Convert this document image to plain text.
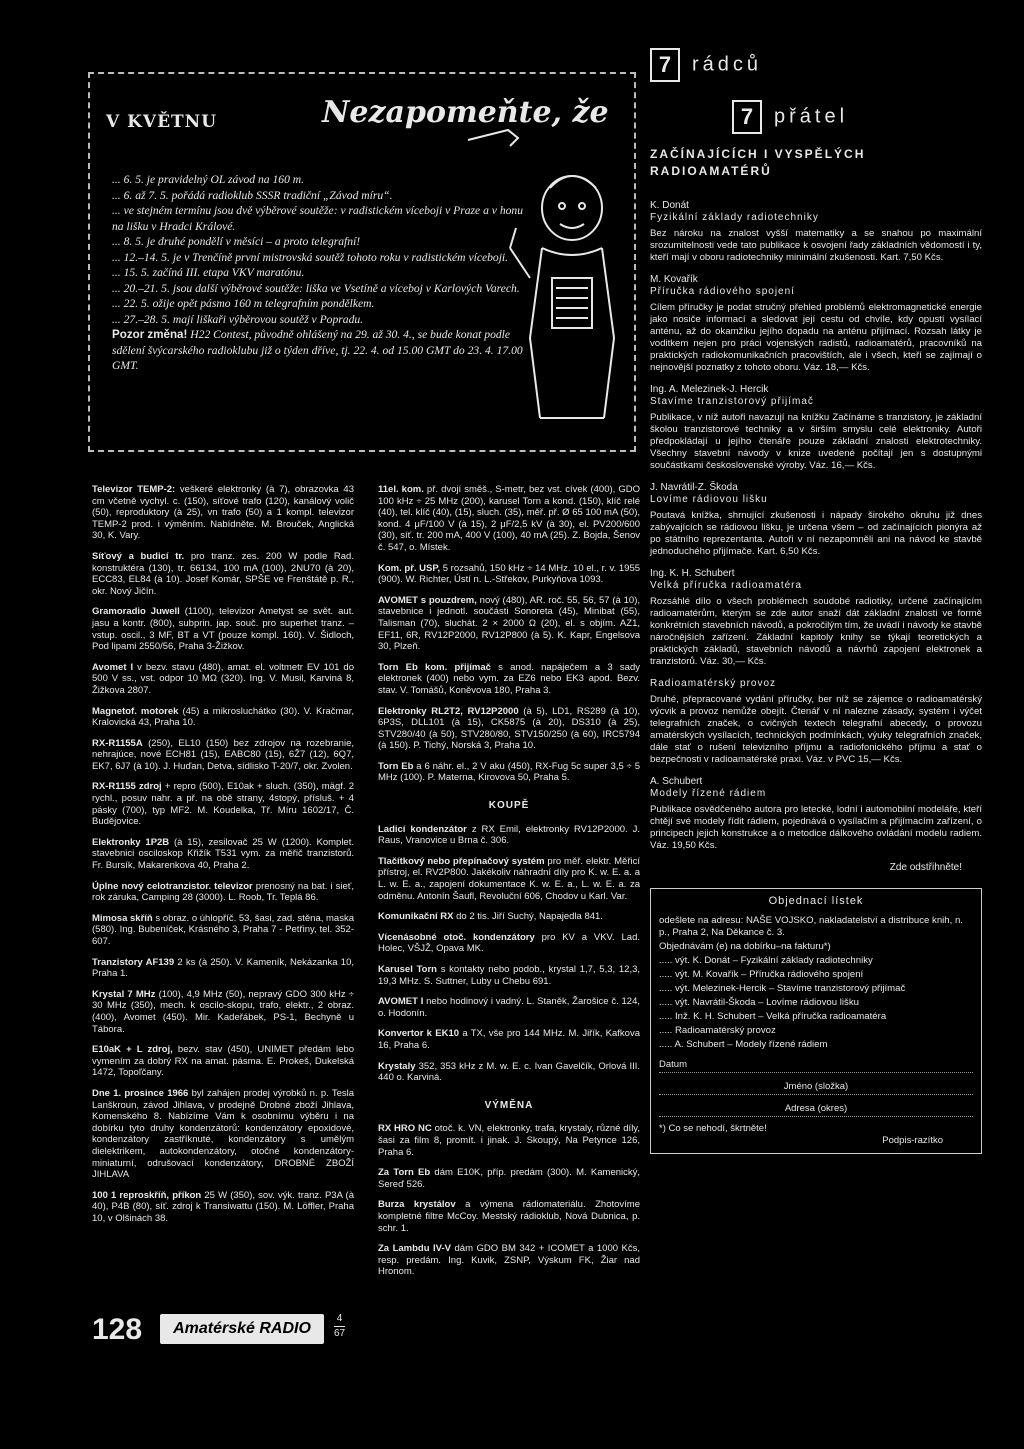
V KVĚTNU	Nezapomeňte, že

... 6. 5. je pravidelný OL závod na 160 m.

... 6. až 7. 5. pořádá radioklub SSSR tradiční „Závod míru“.

... ve stejném termínu jsou dvě výběrové soutěže: v radistickém víceboji v Praze a v honu na lišku v Hradci Králové.

... 8. 5. je druhé pondělí v měsíci – a proto telegrafní!

... 12.–14. 5. je v Trenčíně první mistrovská soutěž tohoto roku v radistickém víceboji.

... 15. 5. začíná III. etapa VKV maratónu.

... 20.–21. 5. jsou další výběrové soutěže: liška ve Vsetíně a víceboj v Karlových Varech.

... 22. 5. ožije opět pásmo 160 m telegrafním pondělkem.

... 27.–28. 5. mají liškaři výběrovou soutěž v Popradu.

Pozor změna! H22 Contest, původně ohlášený na 29. až 30. 4., se bude konat podle sdělení švýcarského radioklubu již o týden dříve, tj. 22. 4. od 15.00 GMT do 23. 4. 17.00 GMT.

7 rádců
7 přátel
ZAČÍNAJÍCÍCH I VYSPĚLÝCH RADIOAMATÉRŮ
K. Donát
Fyzikální základy radiotechniky
Bez nároku na znalost vyšší matematiky a se snahou po maximální srozumitelnosti vede tato publikace k osvojení řady základních vědomostí i ty, kteří mají v oboru radiotechniky minimální zkušenosti. Kart. 7,50 Kčs.
M. Kovařík
Příručka rádiového spojení
Cílem příručky je podat stručný přehled problémů elektromagnetické energie jako nosiče informací a sledovat její cestu od chvíle, kdy opustí vysílací anténu, až do okamžiku jejího dopadu na anténu přijímací. Rozsah látky je voditkem nejen pro práci vojenských radistů, radioamatérů, pracovníků na praktických radiokomunikačních pracovištích, ale i všech, kteří se zajímají o nejnovější poznatky z tohoto oboru. Váz. 18,— Kčs.
Ing. A. Melezinek-J. Hercik
Stavíme tranzistorový přijímač
Publikace, v níž autoři navazují na knížku Začínáme s tranzistory, je základní školou tranzistorové techniky a v širším smyslu celé elektroniky. Autoři předpokládají u jejího čtenáře pouze základní znalosti elektrotechniky. Všechny stavební návody v knize uvedené počítají jen s dostupnými součástkami československé výroby. Váz. 16,— Kčs.
J. Navrátil-Z. Škoda
Lovíme rádiovou lišku
Poutavá knížka, shrnující zkušenosti i nápady širokého okruhu již dnes zabývajících se rádiovou lišku, je určena všem – od začínajících pionýra až po státního reprezentanta. Autoři v ní nezapomněli ani na návod ke stavbě jednoduchého přijímače. Kart. 6,50 Kčs.
Ing. K. H. Schubert
Velká příručka radioamatéra
Rozsáhlé dílo o všech problémech soudobé radiotiky, určené začínajícím radioamatérům, kterým se zde autor snaží dát základní znalosti ve formě konkrétních stavebních návodů, a pokročilým tím, že uvádí i návody ke stavbě náročnějších zařízení. Základní kapitoly knihy se týkají teoretických a praktických základů, stavebních návodů a návrhů zapojení elektronek a tranzistorů. Váz. 30,— Kčs.
Radioamatérský provoz
Druhé, přepracované vydání příručky, ber níž se zájemce o radioamatérský výcvik a provoz nemůže obejít. Čtenář v ní nalezne zásady, systém i výčet telegrafních značek, o cvičných textech telegrafní abecedy, o provozu amatérských vysílacích, technických podmínkách, výuky telegrafních značek, dále stať o rušení televizního příjmu a radiofonického příjmu a stať o bezpečnosti v radioamatérské praxi. Váz. v PVC 15,— Kčs.
A. Schubert
Modely řízené rádiem
Publikace osvědčeného autora pro letecké, lodní i automobilní modeláře, kteří chtějí své modely řídit rádiem, pojednává o vysílačím a přijímacím zařízení, o principech jejich konstrukce a o metodice dálkového ovládání modelu radiem. Váz. 19,50 Kčs.
Zde odstřihněte!
Objednací lístek
odešlete na adresu: NAŠE VOJSKO, nakladatelství a distribuce knih, n. p., Praha 2, Na Děkance č. 3.
Objednávám (e) na dobírku–na fakturu*)
..... výt. K. Donát – Fyzikální základy radiotechniky
..... výt. M. Kovařík – Příručka rádiového spojení
..... výt. Melezinek-Hercik – Stavíme tranzistorový přijímač
..... výt. Navrátil-Škoda – Lovíme rádiovou lišku
..... Inž. K. H. Schubert – Velká příručka radioamatéra
..... Radioamatérský provoz
..... A. Schubert – Modely řízené rádiem
Datum
Jméno (složka)
Adresa (okres)
*) Co se nehodí, škrtněte!
Podpis-razítko
Televizor TEMP-2: veškeré elektronky (à 7), obrazovka 43 cm včetně vychyl. c. (150), síťové trafo (120), kanálový volič (50), reproduktory (à 25), vn trafo (50) a 1 kompl. televizor TEMP-2 prod. i výměním. Nabídněte. M. Brouček, Anglická 30, K. Vary.
Síťový a budicí tr. pro tranz. zes. 200 W podle Rad. konstruktéra (130), tr. 66134, 100 mA (100), 2NU70 (à 20), ECC83, EL84 (à 10). Josef Komár, SPŠE ve Frenštátě p. R., okr. Nový Jičín.
Gramoradio Juwell (1100), televizor Ametyst se svět. aut. jasu a kontr. (800), subprin. jap. souč. pro superhet tranz. – vstup. oscil., 3 MF, BT a VT (pouze kompl. 160). V. Šidloch, Pod lipami 2550/56, Praha 3-Žižkov.
Avomet I v bezv. stavu (480), amat. el. voltmetr EV 101 do 500 V ss., vst. odpor 10 MΩ (320). Ing. V. Musil, Karviná 8, Žižkova 2807.
Magnetof. motorek (45) a mikrosluchátko (30). V. Kračmar, Kralovická 43, Praha 10.
RX-R1155A (250), EL10 (150) bez zdrojov na rozebranie, nehrajúce, nové ECH81 (15), EABC80 (15), 6Ž7 (12), 6Q7, EK7, 6J7 (à 10). J. Huďan, Detva, sídlisko T-20/7, okr. Zvolen.
RX-R1155 zdroj + repro (500), E10ak + sluch. (350), mägf. 2 rychl., posuv nahr. a př. na obě strany, 4stopý, přísluš. + 4 pásky (700), typ MF2. M. Koudelka, Tř. Míru 1602/17, Č. Budějovice.
Elektronky 1P2B (à 15), zesilovač 25 W (1200). Komplet. stavebnici osciloskop Křižík T531 vym. za měřič tranzistorů. Fr. Bursík, Makarenkova 40, Praha 2.
Úplne nový celotranzistor. televizor prenosný na bat. i sieť, rok záruka, Camping 28 (3000). L. Roob, Tr. Teplá 86.
Mimosa skříň s obraz. o úhlopříč. 53, šasi, zad. stěna, maska (580). Ing. Bubeníček, Krásného 3, Praha 7 - Petřiny, tel. 352-607.
Tranzistory AF139 2 ks (à 250). V. Kameník, Nekázanka 10, Praha 1.
Krystal 7 MHz (100), 4,9 MHz (50), nepravý GDO 300 kHz ÷ 30 MHz (350), mech. k oscilo-skopu, trafo, elektr., 2 obraz. (400), Avomet (450). Mir. Kadeřábek, PS-1, Bechyně u Tábora.
E10aK + L zdroj, bezv. stav (450), UNIMET předám lebo vymením za dobrý RX na amat. pásma. E. Prokeš, Dukelská 1472, Topoľčany.
Dne 1. prosince 1966 byl zahájen prodej výrobků n. p. Tesla Lanškroun, závod Jihlava, v prodejně Drobné zboží Jihlava, Komenského 8. Nabízíme Vám k osobnímu výběru i na dobírku tyto druhy kondenzátorů: kondenzátory epoxidové, kondenzátory zastříknuté, kondenzátory s umělým dielektrikem, autokondenzátory, otočné kondenzátory-miniaturní, odrušovací kondenzátory, DROBNÉ ZBOŽÍ JIHLAVA
100 1 reproskříň, příkon 25 W (350), sov. výk. tranz. P3A (à 40), P4B (80), síť. zdroj k Transiwattu (150). M. Löffler, Praha 10, v Olšinách 38.
11el. kom. př. dvojí směš., S-metr, bez vst. cívek (400), GDO 100 kHz ÷ 25 MHz (200), karusel Torn a kond. (150), klíč relé (40), tel. klíč (40), (15), sluch. (35), měř. př. Ø 65 100 mA (50), kond. 4 μF/100 V (à 15), 2 μF/2,5 kV (à 30), el. PV200/600 (30), síť. tr. 200 mA, 400 V (100), 40 mA (25). Z. Bojda, Šenov č. 547, o. Místek.
Kom. př. USP, 5 rozsahů, 150 kHz ÷ 14 MHz. 10 el., r. v. 1955 (900). W. Richter, Ústí n. L.-Střekov, Purkyňova 1093.
AVOMET s pouzdrem, nový (480), AR. roč. 55, 56, 57 (à 10), stavebnice i jednotl. součásti Sonoreta (45), Minibat (55), Talisman (70), sluchát. 2 × 2000 Ω (20), el. s objím. AZ1, EF11, 6R, RV12P2000, RV12P800 (à 5). K. Kapr, Engelsova 30, Plzeň.
Torn Eb kom. přijímač s anod. napáječem a 3 sady elektronek (400) nebo vym. za EZ6 nebo EK3 apod. Bezv. stav. V. Tomášů, Koněvova 180, Praha 3.
Elektronky RL2T2, RV12P2000 (à 5), LD1, RS289 (à 10), 6P3S, DLL101 (à 15), CK5875 (à 20), DS310 (à 25), STV280/40 (à 50), STV280/80, STV150/250 (à 60), IRC5794 (à 150). P. Tichý, Norská 3, Praha 10.
Torn Eb a 6 náhr. el., 2 V aku (450), RX-Fug 5c super 3,5 ÷ 5 MHz (100). P. Materna, Kirovova 50, Praha 5.
KOUPĚ
Ladicí kondenzátor z RX Emil, elektronky RV12P2000. J. Raus, Vranovice u Brna č. 306.
Tlačítkový nebo přepínačový systém pro měř. elektr. Měřicí přístroj, el. RV2P800. Jakékoliv náhradní díly pro K. w. E. a. a L. w. E. a., zapojení dokumentace K. w. E. a., L. w. E. a. za odměnu. Antonín Šaufl, Revoluční 606, Chodov u Karl. Var.
Komunikační RX do 2 tis. Jiří Suchý, Napajedla 841.
Vícenásobné otoč. kondenzátory pro KV a VKV. Lad. Holec, VŠJŽ, Opava MK.
Karusel Torn s kontakty nebo podob., krystal 1,7, 5,3, 12,3, 19,3 MHz. S. Suttner, Luby u Chebu 691.
AVOMET I nebo hodinový i vadný. L. Staněk, Žarošice č. 124, o. Hodonín.
Konvertor k EK10 a TX, vše pro 144 MHz. M. Jiřík, Kafkova 16, Praha 6.
Krystaly 352, 353 kHz z M. w. E. c. Ivan Gavelčík, Orlová III. 440 o. Karviná.
VÝMĚNA
RX HRO NC otoč. k. VN, elektronky, trafa, krystaly, různé díly, šasi za film 8, promít. i jinak. J. Skoupý, Na Petynce 126, Praha 6.
Za Torn Eb dám E10K, příp. predám (300). M. Kamenický, Sereď 526.
Burza krystálov a výmena rádiomateriálu. Zhotovíme kompletné filtre McCoy. Mestský rádioklub, Nová Dubnica, p. schr. 1.
Za Lambdu IV-V dám GDO BM 342 + ICOMET a 1000 Kčs, resp. predám. Ing. Kuvik, ZSNP, Výskum FK, Žiar nad Hronom.
128	Amatérské RADIO
4
67
